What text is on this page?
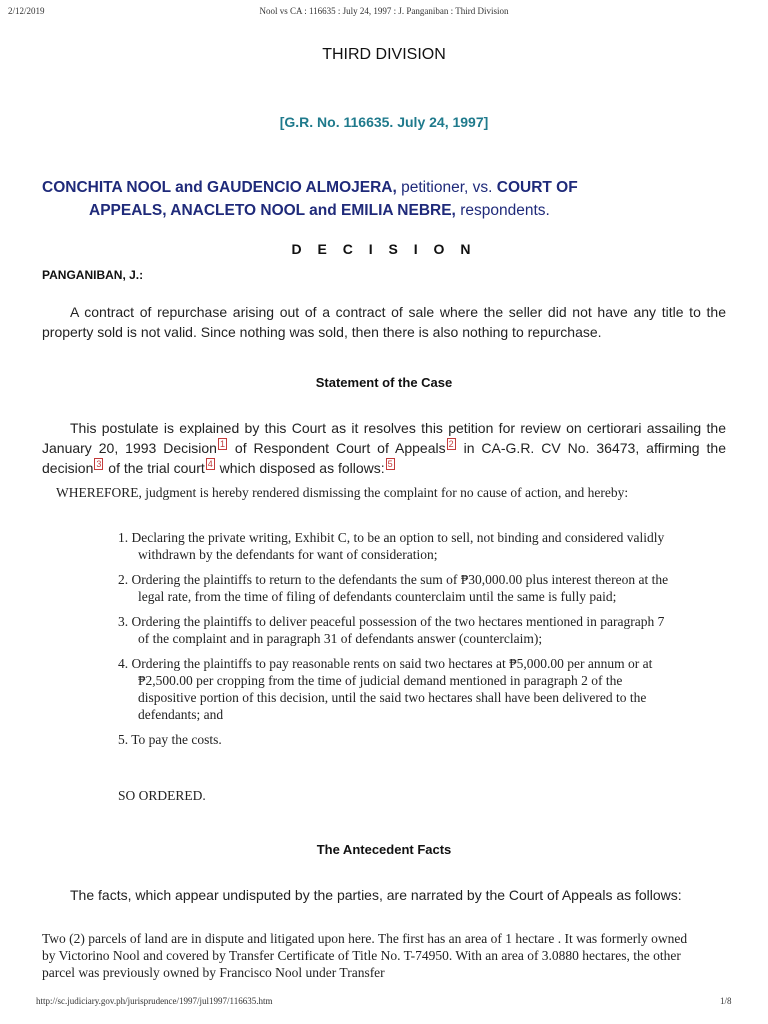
2/12/2019	Nool vs CA : 116635 : July 24, 1997 : J. Panganiban : Third Division
THIRD DIVISION
[G.R. No. 116635. July 24, 1997]
CONCHITA NOOL and GAUDENCIO ALMOJERA, petitioner, vs. COURT OF
APPEALS, ANACLETO NOOL and EMILIA NEBRE, respondents.
D E C I S I O N
PANGANIBAN, J.:
A contract of repurchase arising out of a contract of sale where the seller did not have any title to the property sold is not valid. Since nothing was sold, then there is also nothing to repurchase.
Statement of the Case
This postulate is explained by this Court as it resolves this petition for review on certiorari assailing the January 20, 1993 Decision $^1$ of Respondent Court of Appeals $^2$ in CA-G.R. CV No. 36473, affirming the decision $^3$ of the trial court $^4$ which disposed as follows: $^5$
WHEREFORE, judgment is hereby rendered dismissing the complaint for no cause of action, and hereby:
1. Declaring the private writing, Exhibit C, to be an option to sell, not binding and considered validly withdrawn by the defendants for want of consideration;
2. Ordering the plaintiffs to return to the defendants the sum of ₱30,000.00 plus interest thereon at the legal rate, from the time of filing of defendants counterclaim until the same is fully paid;
3. Ordering the plaintiffs to deliver peaceful possession of the two hectares mentioned in paragraph 7 of the complaint and in paragraph 31 of defendants answer (counterclaim);
4. Ordering the plaintiffs to pay reasonable rents on said two hectares at ₱5,000.00 per annum or at ₱2,500.00 per cropping from the time of judicial demand mentioned in paragraph 2 of the dispositive portion of this decision, until the said two hectares shall have been delivered to the defendants; and
5. To pay the costs.
SO ORDERED.
The Antecedent Facts
The facts, which appear undisputed by the parties, are narrated by the Court of Appeals as follows:
Two (2) parcels of land are in dispute and litigated upon here. The first has an area of 1 hectare . It was formerly owned by Victorino Nool and covered by Transfer Certificate of Title No. T-74950. With an area of 3.0880 hectares, the other parcel was previously owned by Francisco Nool under Transfer
http://sc.judiciary.gov.ph/jurisprudence/1997/jul1997/116635.htm	1/8
